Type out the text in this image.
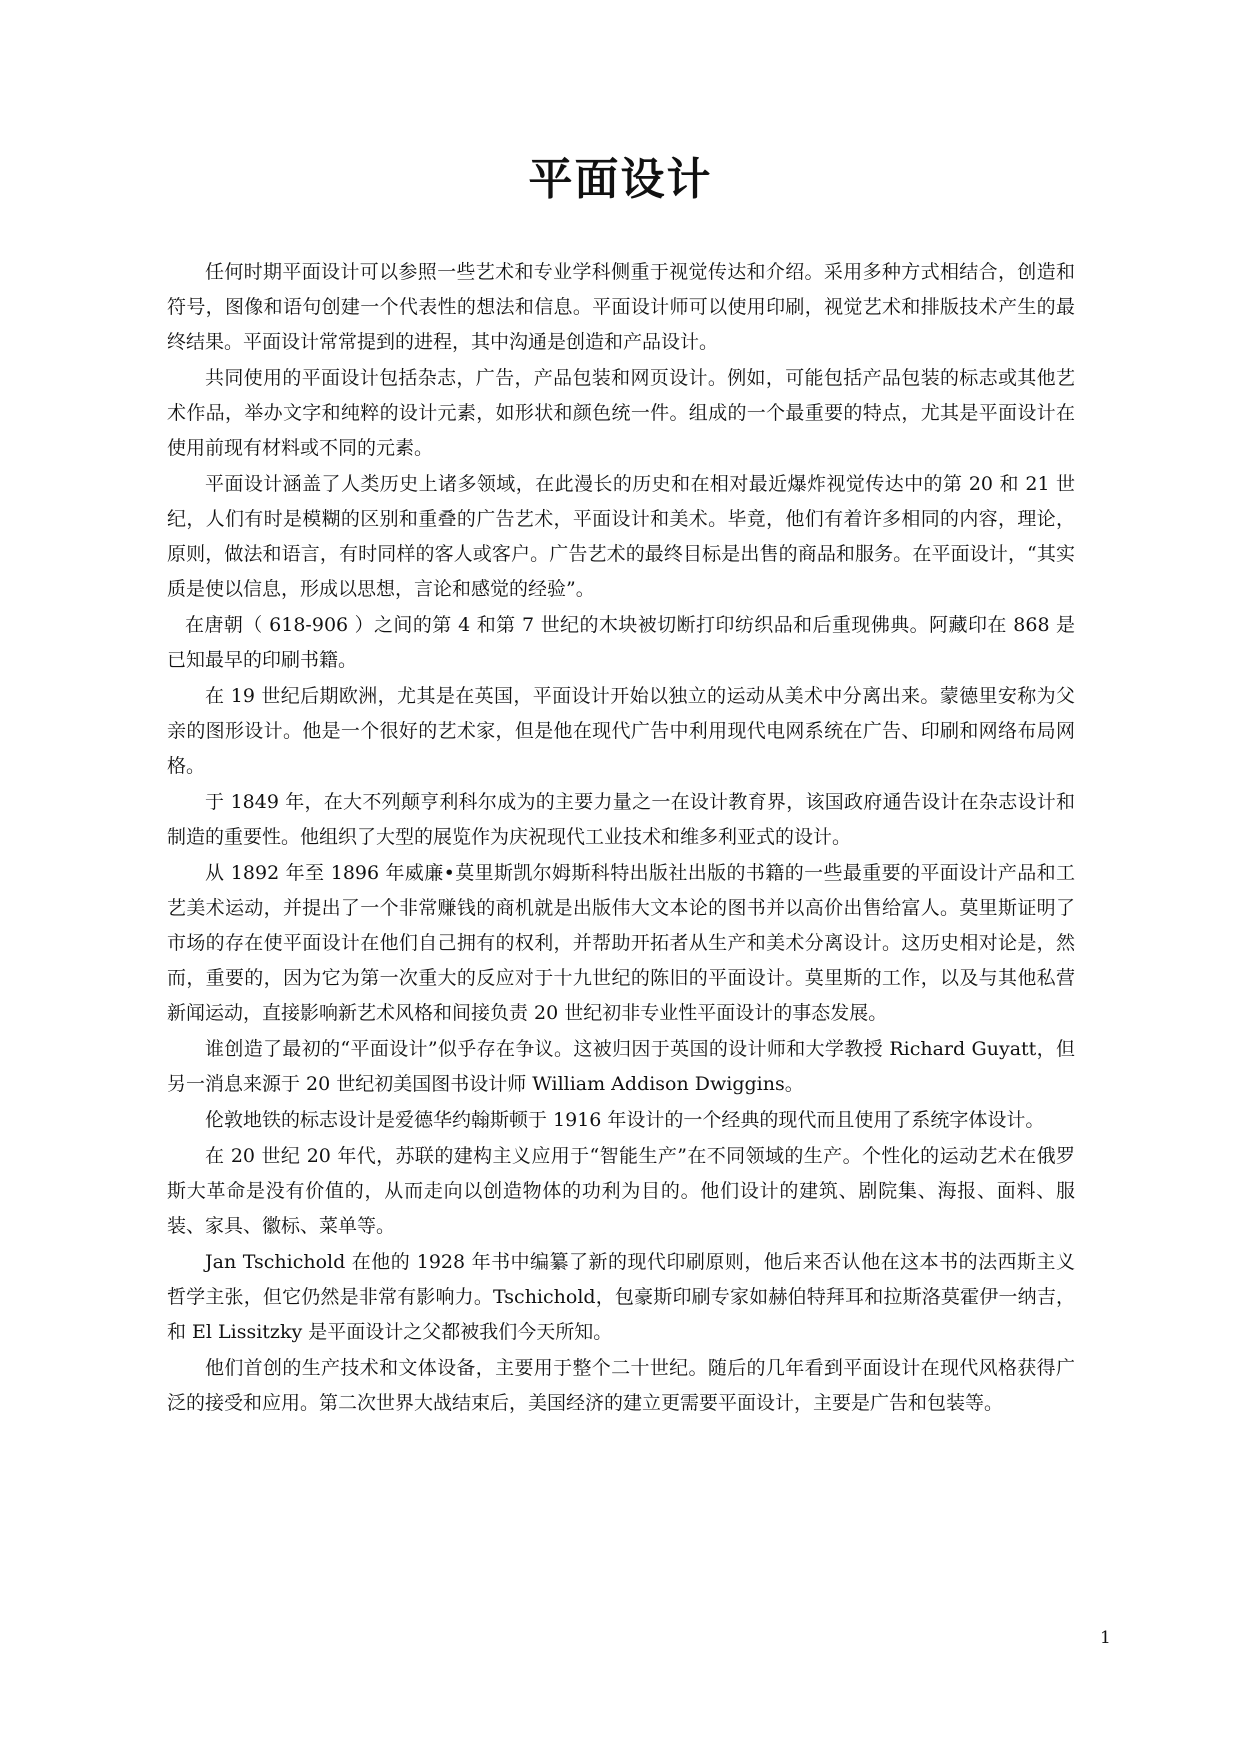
平面设计

任何时期平面设计可以参照一些艺术和专业学科侧重于视觉传达和介绍。采用多种方式相结合，创造和符号，图像和语句创建一个代表性的想法和信息。平面设计师可以使用印刷，视觉艺术和排版技术产生的最终结果。平面设计常常提到的进程，其中沟通是创造和产品设计。

共同使用的平面设计包括杂志，广告，产品包装和网页设计。例如，可能包括产品包装的标志或其他艺术作品，举办文字和纯粹的设计元素，如形状和颜色统一件。组成的一个最重要的特点，尤其是平面设计在使用前现有材料或不同的元素。

平面设计涵盖了人类历史上诸多领域，在此漫长的历史和在相对最近爆炸视觉传达中的第 20 和 21 世纪，人们有时是模糊的区别和重叠的广告艺术，平面设计和美术。毕竟，他们有着许多相同的内容，理论，原则，做法和语言，有时同样的客人或客户。广告艺术的最终目标是出售的商品和服务。在平面设计，“其实质是使以信息，形成以思想，言论和感觉的经验”。

在唐朝（ 618-906 ）之间的第 4 和第 7 世纪的木块被切断打印纺织品和后重现佛典。阿藏印在 868 是已知最早的印刷书籍。

在 19 世纪后期欧洲，尤其是在英国，平面设计开始以独立的运动从美术中分离出来。蒙德里安称为父亲的图形设计。他是一个很好的艺术家，但是他在现代广告中利用现代电网系统在广告、印刷和网络布局网格。

于 1849 年，在大不列颠亨利科尔成为的主要力量之一在设计教育界，该国政府通告设计在杂志设计和制造的重要性。他组织了大型的展览作为庆祝现代工业技术和维多利亚式的设计。

从 1892 年至 1896 年威廉•莫里斯凯尔姆斯科特出版社出版的书籍的一些最重要的平面设计产品和工艺美术运动，并提出了一个非常赚钱的商机就是出版伟大文本论的图书并以高价出售给富人。莫里斯证明了市场的存在使平面设计在他们自己拥有的权利，并帮助开拓者从生产和美术分离设计。这历史相对论是，然而，重要的，因为它为第一次重大的反应对于十九世纪的陈旧的平面设计。莫里斯的工作，以及与其他私营新闻运动，直接影响新艺术风格和间接负责 20 世纪初非专业性平面设计的事态发展。

谁创造了最初的“平面设计”似乎存在争议。这被归因于英国的设计师和大学教授 Richard Guyatt，但另一消息来源于 20 世纪初美国图书设计师 William Addison Dwiggins。

伦敦地铁的标志设计是爱德华约翰斯顿于 1916 年设计的一个经典的现代而且使用了系统字体设计。

在 20 世纪 20 年代，苏联的建构主义应用于“智能生产”在不同领域的生产。个性化的运动艺术在俄罗斯大革命是没有价值的，从而走向以创造物体的功利为目的。他们设计的建筑、剧院集、海报、面料、服装、家具、徽标、菜单等。

Jan Tschichold 在他的 1928 年书中编纂了新的现代印刷原则，他后来否认他在这本书的法西斯主义哲学主张，但它仍然是非常有影响力。Tschichold，包豪斯印刷专家如赫伯特拜耳和拉斯洛莫霍伊一纳吉，和 El Lissitzky 是平面设计之父都被我们今天所知。

他们首创的生产技术和文体设备，主要用于整个二十世纪。随后的几年看到平面设计在现代风格获得广泛的接受和应用。第二次世界大战结束后，美国经济的建立更需要平面设计，主要是广告和包装等。

1
